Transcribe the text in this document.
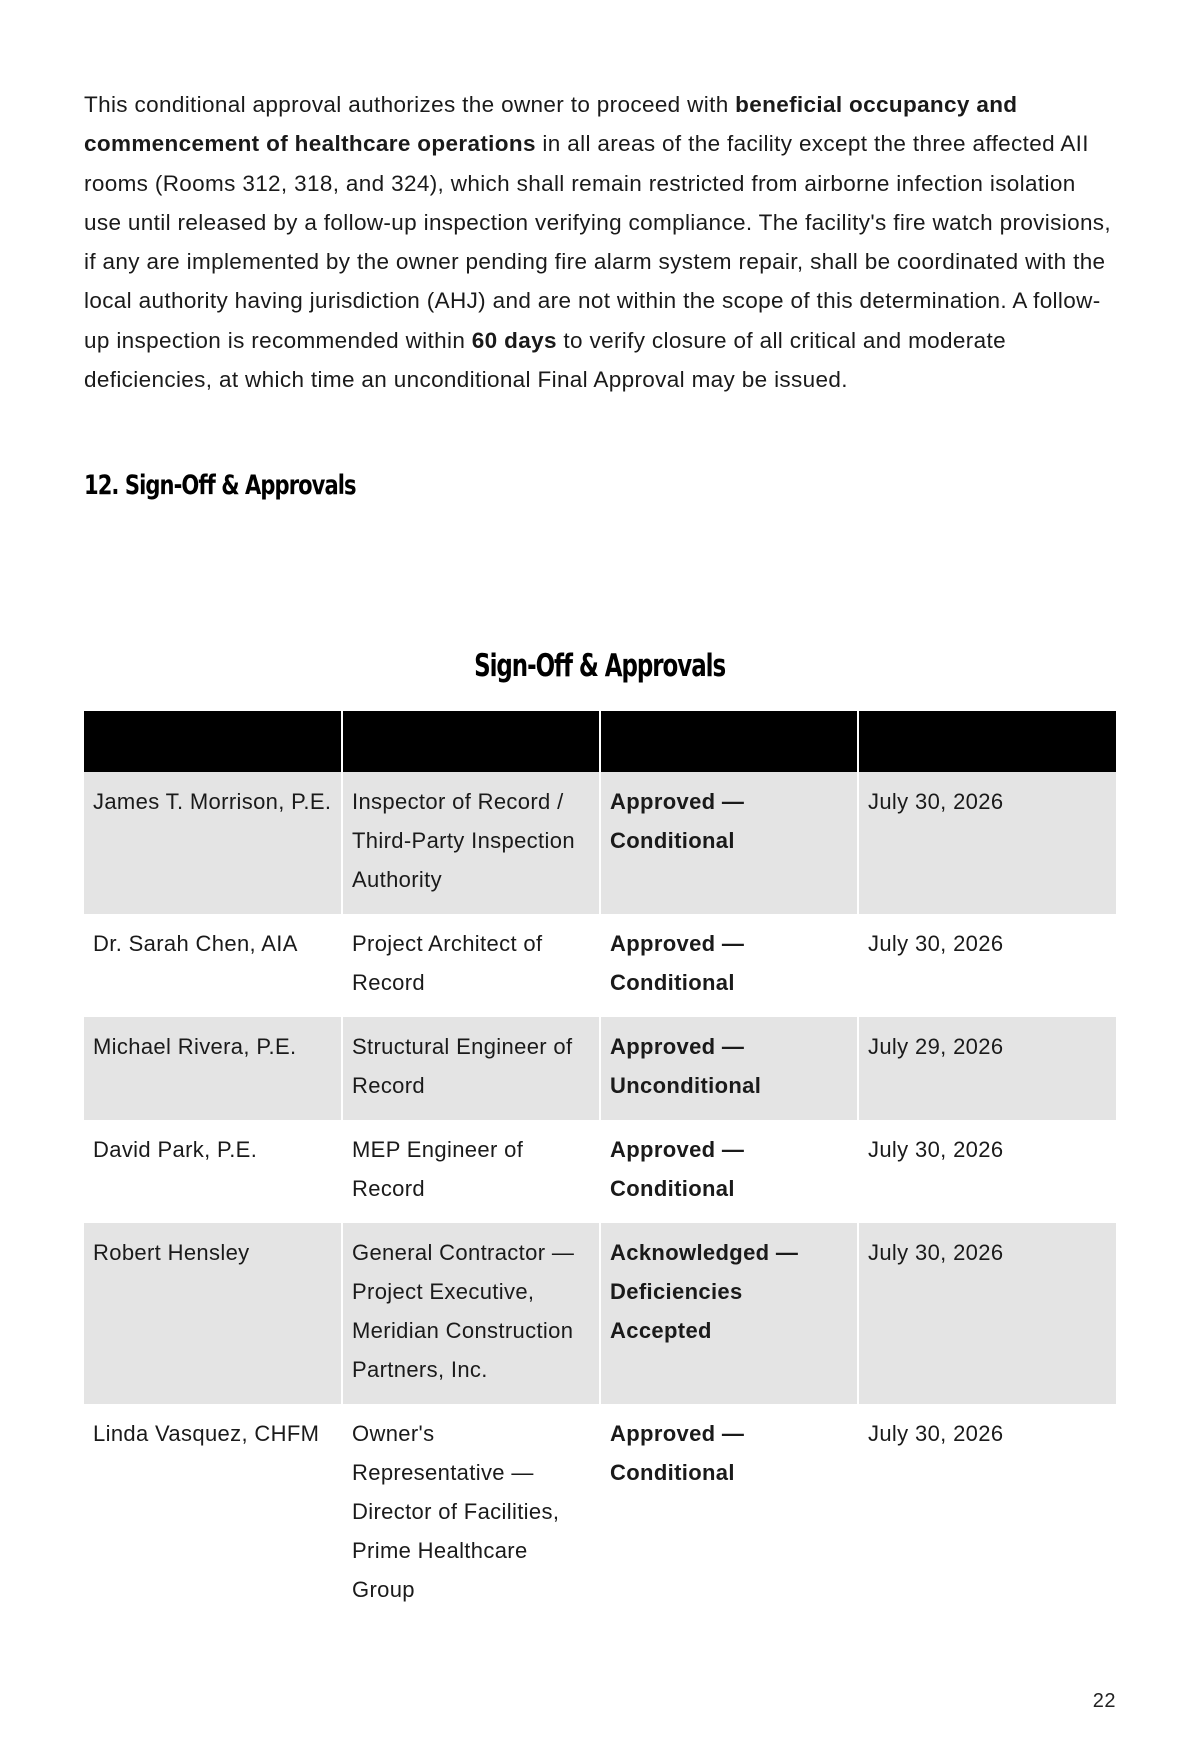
This conditional approval authorizes the owner to proceed with beneficial occupancy and commencement of healthcare operations in all areas of the facility except the three affected AII rooms (Rooms 312, 318, and 324), which shall remain restricted from airborne infection isolation use until released by a follow-up inspection verifying compliance. The facility's fire watch provisions, if any are implemented by the owner pending fire alarm system repair, shall be coordinated with the local authority having jurisdiction (AHJ) and are not within the scope of this determination. A follow-up inspection is recommended within 60 days to verify closure of all critical and moderate deficiencies, at which time an unconditional Final Approval may be issued.

12. Sign-Off & Approvals
Sign-Off & Approvals

James T. Morrison, P.E.	Inspector of Record / Third-Party Inspection Authority	Approved — Conditional	July 30, 2026
Dr. Sarah Chen, AIA	Project Architect of Record	Approved — Conditional	July 30, 2026
Michael Rivera, P.E.	Structural Engineer of Record	Approved — Unconditional	July 29, 2026
David Park, P.E.	MEP Engineer of Record	Approved — Conditional	July 30, 2026
Robert Hensley	General Contractor — Project Executive, Meridian Construction Partners, Inc.	Acknowledged — Deficiencies Accepted	July 30, 2026
Linda Vasquez, CHFM	Owner's Representative — Director of Facilities, Prime Healthcare Group	Approved — Conditional	July 30, 2026
22
